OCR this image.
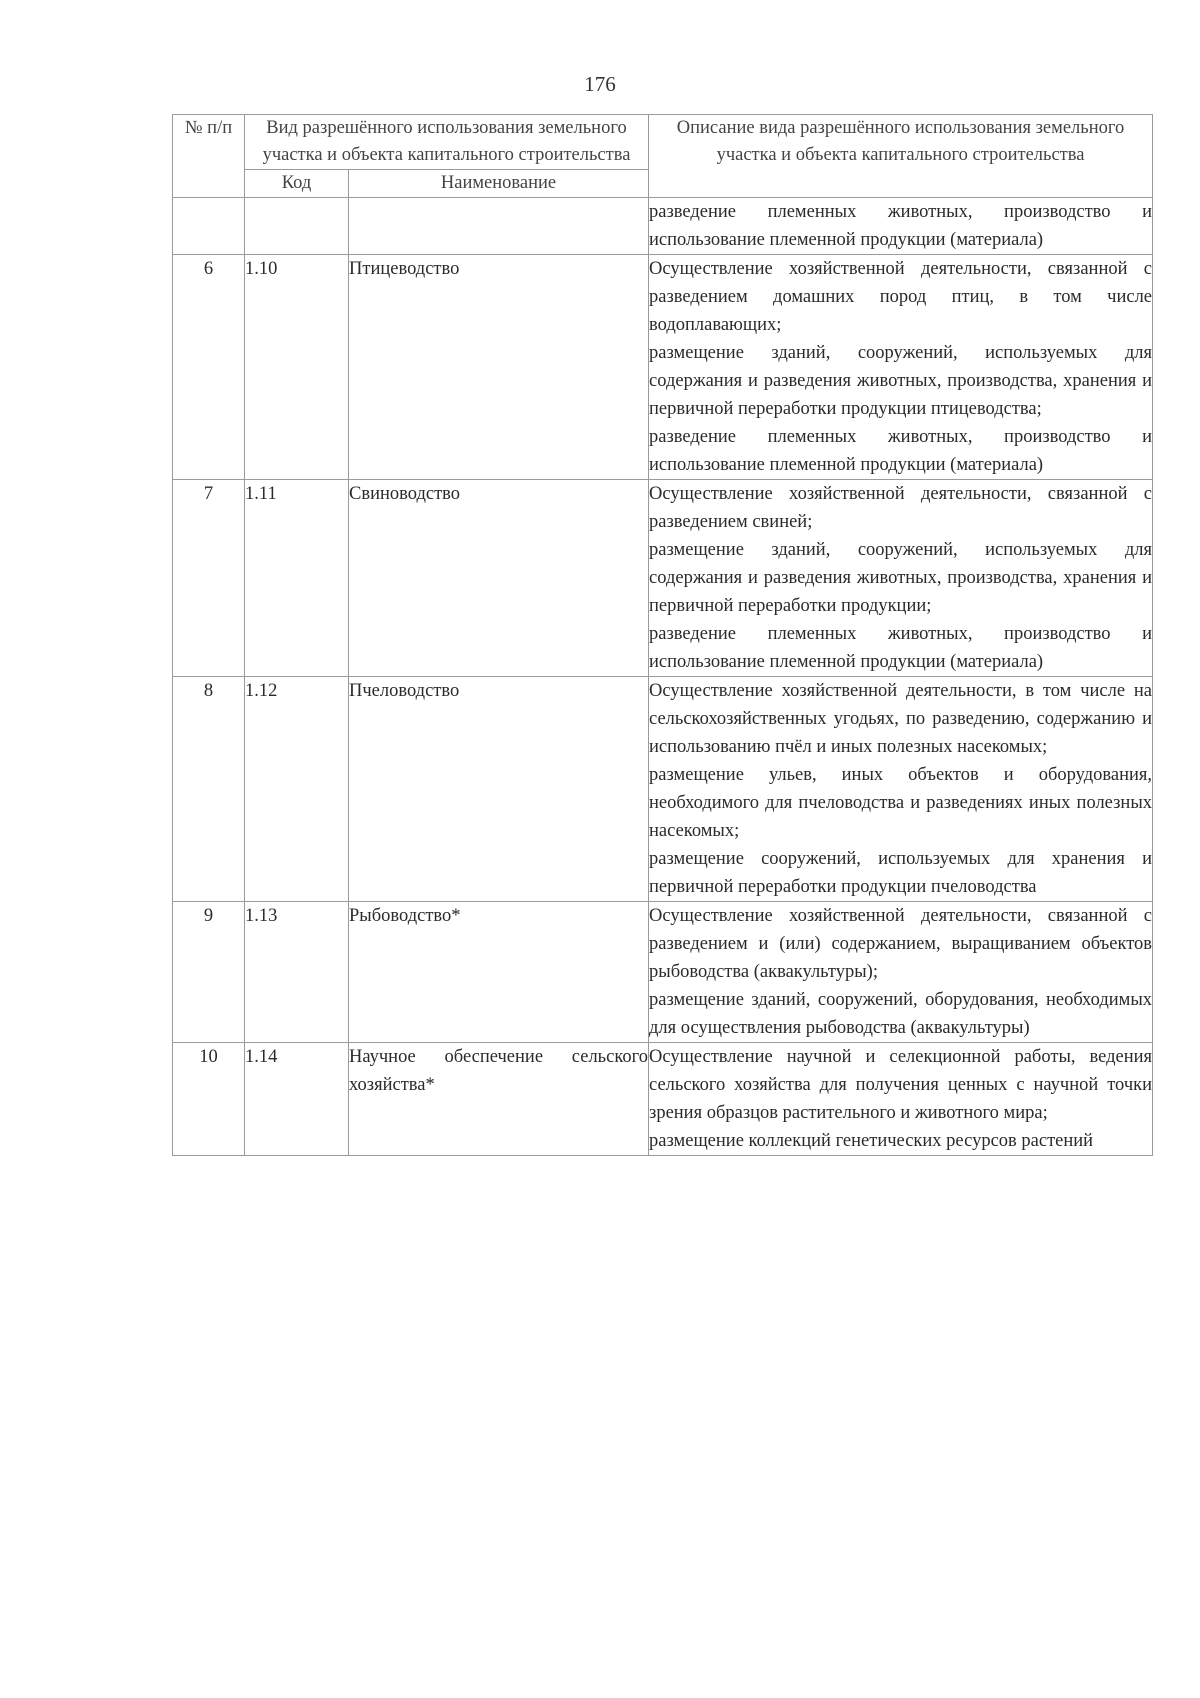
176
№ п/п	Вид разрешённого использования земельного участка и объекта капитального строительства		Описание вида разрешённого использования земельного участка и объекта капитального строительства
	Код	Наименование	

			разведение племенных животных, производство и использование племенной продукции (материала)

6	1.10	Птицеводство	Осуществление хозяйственной деятельности, связанной с разведением домашних пород птиц, в том числе водоплавающих;
размещение зданий, сооружений, используемых для содержания и разведения животных, производства, хранения и первичной переработки продукции птицеводства;
разведение племенных животных, производство и использование племенной продукции (материала)

7	1.11	Свиноводство	Осуществление хозяйственной деятельности, связанной с разведением свиней;
размещение зданий, сооружений, используемых для содержания и разведения животных, производства, хранения и первичной переработки продукции;
разведение племенных животных, производство и использование племенной продукции (материала)

8	1.12	Пчеловодство	Осуществление хозяйственной деятельности, в том числе на сельскохозяйственных угодьях, по разведению, содержанию и использованию пчёл и иных полезных насекомых;
размещение ульев, иных объектов и оборудования, необходимого для пчеловодства и разведениях иных полезных насекомых;
размещение сооружений, используемых для хранения и первичной переработки продукции пчеловодства

9	1.13	Рыбоводство*	Осуществление хозяйственной деятельности, связанной с разведением и (или) содержанием, выращиванием объектов рыбоводства (аквакультуры);
размещение зданий, сооружений, оборудования, необходимых для осуществления рыбоводства (аквакультуры)

10	1.14	Научное обеспечение сельского хозяйства*	Осуществление научной и селекционной работы, ведения сельского хозяйства для получения ценных с научной точки зрения образцов растительного и животного мира;
размещение коллекций генетических ресурсов растений
